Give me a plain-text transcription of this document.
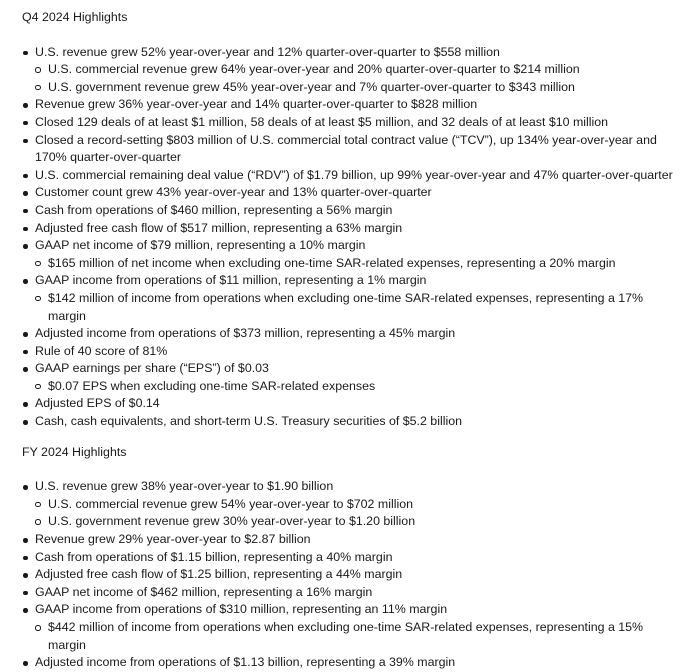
Q4 2024 Highlights
U.S. revenue grew 52% year-over-year and 12% quarter-over-quarter to $558 million
U.S. commercial revenue grew 64% year-over-year and 20% quarter-over-quarter to $214 million
U.S. government revenue grew 45% year-over-year and 7% quarter-over-quarter to $343 million
Revenue grew 36% year-over-year and 14% quarter-over-quarter to $828 million
Closed 129 deals of at least $1 million, 58 deals of at least $5 million, and 32 deals of at least $10 million
Closed a record-setting $803 million of U.S. commercial total contract value (“TCV”), up 134% year-over-year and 170% quarter-over-quarter
U.S. commercial remaining deal value (“RDV”) of $1.79 billion, up 99% year-over-year and 47% quarter-over-quarter
Customer count grew 43% year-over-year and 13% quarter-over-quarter
Cash from operations of $460 million, representing a 56% margin
Adjusted free cash flow of $517 million, representing a 63% margin
GAAP net income of $79 million, representing a 10% margin
$165 million of net income when excluding one-time SAR-related expenses, representing a 20% margin
GAAP income from operations of $11 million, representing a 1% margin
$142 million of income from operations when excluding one-time SAR-related expenses, representing a 17% margin
Adjusted income from operations of $373 million, representing a 45% margin
Rule of 40 score of 81%
GAAP earnings per share (“EPS”) of $0.03
$0.07 EPS when excluding one-time SAR-related expenses
Adjusted EPS of $0.14
Cash, cash equivalents, and short-term U.S. Treasury securities of $5.2 billion
FY 2024 Highlights
U.S. revenue grew 38% year-over-year to $1.90 billion
U.S. commercial revenue grew 54% year-over-year to $702 million
U.S. government revenue grew 30% year-over-year to $1.20 billion
Revenue grew 29% year-over-year to $2.87 billion
Cash from operations of $1.15 billion, representing a 40% margin
Adjusted free cash flow of $1.25 billion, representing a 44% margin
GAAP net income of $462 million, representing a 16% margin
GAAP income from operations of $310 million, representing an 11% margin
$442 million of income from operations when excluding one-time SAR-related expenses, representing a 15% margin
Adjusted income from operations of $1.13 billion, representing a 39% margin
